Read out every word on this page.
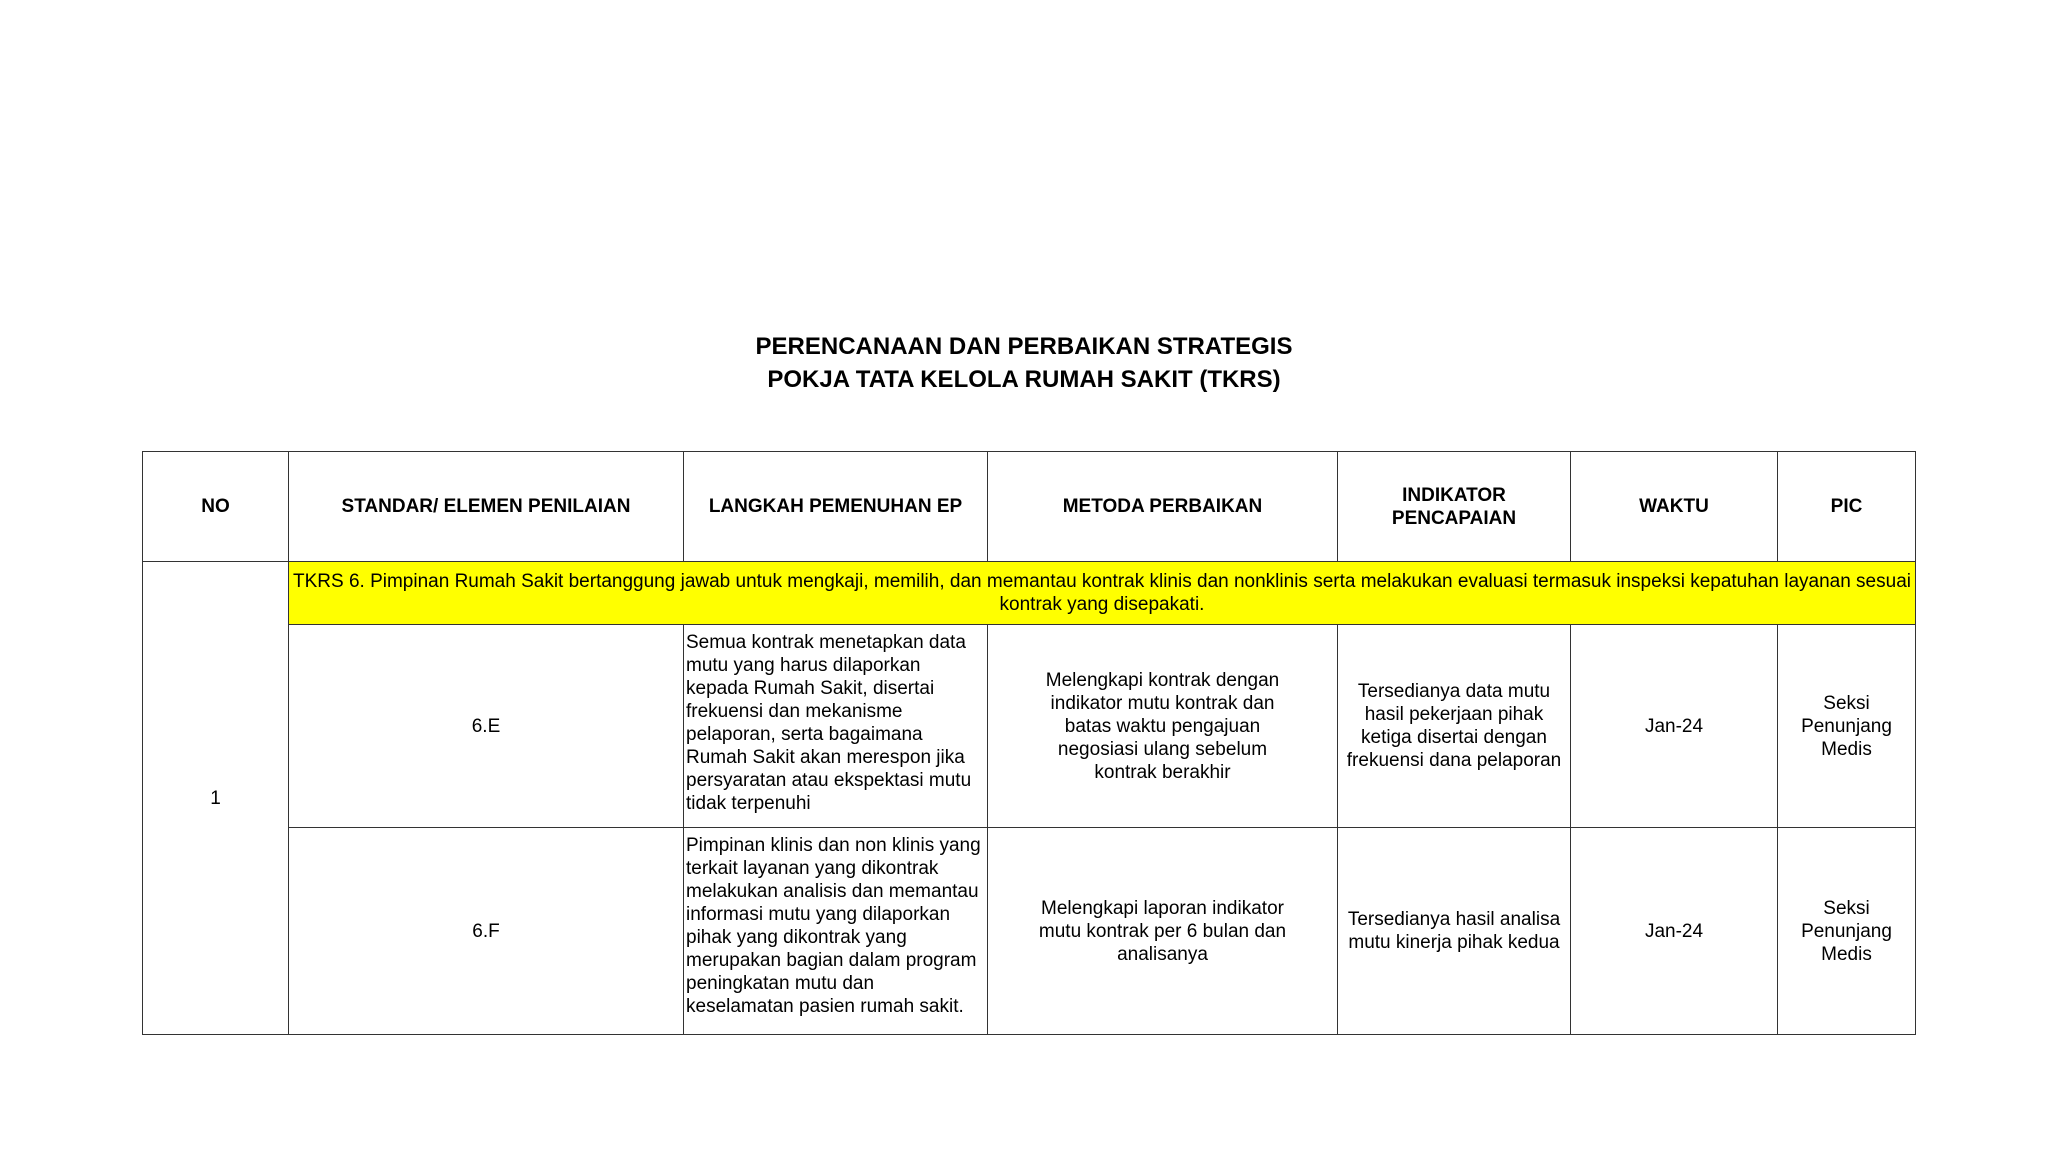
PERENCANAAN DAN PERBAIKAN STRATEGIS
POKJA TATA KELOLA RUMAH SAKIT (TKRS)
NO	STANDAR/ ELEMEN PENILAIAN	LANGKAH PEMENUHAN EP	METODA PERBAIKAN	INDIKATOR PENCAPAIAN	WAKTU	PIC
1	TKRS 6. Pimpinan Rumah Sakit bertanggung jawab untuk mengkaji, memilih, dan memantau kontrak klinis dan nonklinis serta melakukan evaluasi termasuk inspeksi kepatuhan layanan sesuai kontrak yang disepakati.					
	6.E	Semua kontrak menetapkan data mutu yang harus dilaporkan kepada Rumah Sakit, disertai frekuensi dan mekanisme pelaporan, serta bagaimana Rumah Sakit akan merespon jika persyaratan atau ekspektasi mutu tidak terpenuhi	Melengkapi kontrak dengan indikator mutu kontrak dan batas waktu pengajuan negosiasi ulang sebelum kontrak berakhir	Tersedianya data mutu hasil pekerjaan pihak ketiga disertai dengan frekuensi dana pelaporan	Jan-24	Seksi Penunjang Medis
	6.F	Pimpinan klinis dan non klinis yang terkait layanan yang dikontrak melakukan analisis dan memantau informasi mutu yang dilaporkan pihak yang dikontrak yang merupakan bagian dalam program peningkatan mutu dan keselamatan pasien rumah sakit.	Melengkapi laporan indikator mutu kontrak per 6 bulan dan analisanya	Tersedianya hasil analisa mutu kinerja pihak kedua	Jan-24	Seksi Penunjang Medis
